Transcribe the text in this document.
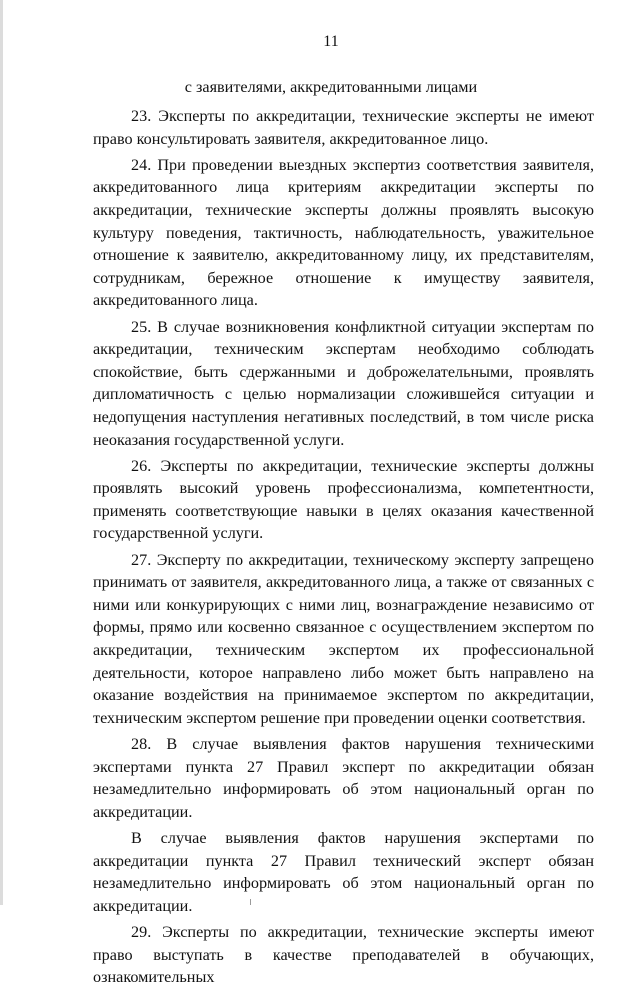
11
с заявителями, аккредитованными лицами

23. Эксперты по аккредитации, технические эксперты не имеют право консультировать заявителя, аккредитованное лицо.

24. При проведении выездных экспертиз соответствия заявителя, аккредитованного лица критериям аккредитации эксперты по аккредитации, технические эксперты должны проявлять высокую культуру поведения, тактичность, наблюдательность, уважительное отношение к заявителю, аккредитованному лицу, их представителям, сотрудникам, бережное отношение к имуществу заявителя, аккредитованного лица.

25. В случае возникновения конфликтной ситуации экспертам по аккредитации, техническим экспертам необходимо соблюдать спокойствие, быть сдержанными и доброжелательными, проявлять дипломатичность с целью нормализации сложившейся ситуации и недопущения наступления негативных последствий, в том числе риска неоказания государственной услуги.

26. Эксперты по аккредитации, технические эксперты должны проявлять высокий уровень профессионализма, компетентности, применять соответствующие навыки в целях оказания качественной государственной услуги.

27. Эксперту по аккредитации, техническому эксперту запрещено принимать от заявителя, аккредитованного лица, а также от связанных с ними или конкурирующих с ними лиц, вознаграждение независимо от формы, прямо или косвенно связанное с осуществлением экспертом по аккредитации, техническим экспертом их профессиональной деятельности, которое направлено либо может быть направлено на оказание воздействия на принимаемое экспертом по аккредитации, техническим экспертом решение при проведении оценки соответствия.

28. В случае выявления фактов нарушения техническими экспертами пункта 27 Правил эксперт по аккредитации обязан незамедлительно информировать об этом национальный орган по аккредитации.

В случае выявления фактов нарушения экспертами по аккредитации пункта 27 Правил технический эксперт обязан незамедлительно информировать об этом национальный орган по аккредитации.

29. Эксперты по аккредитации, технические эксперты имеют право выступать в качестве преподавателей в обучающих, ознакомительных
